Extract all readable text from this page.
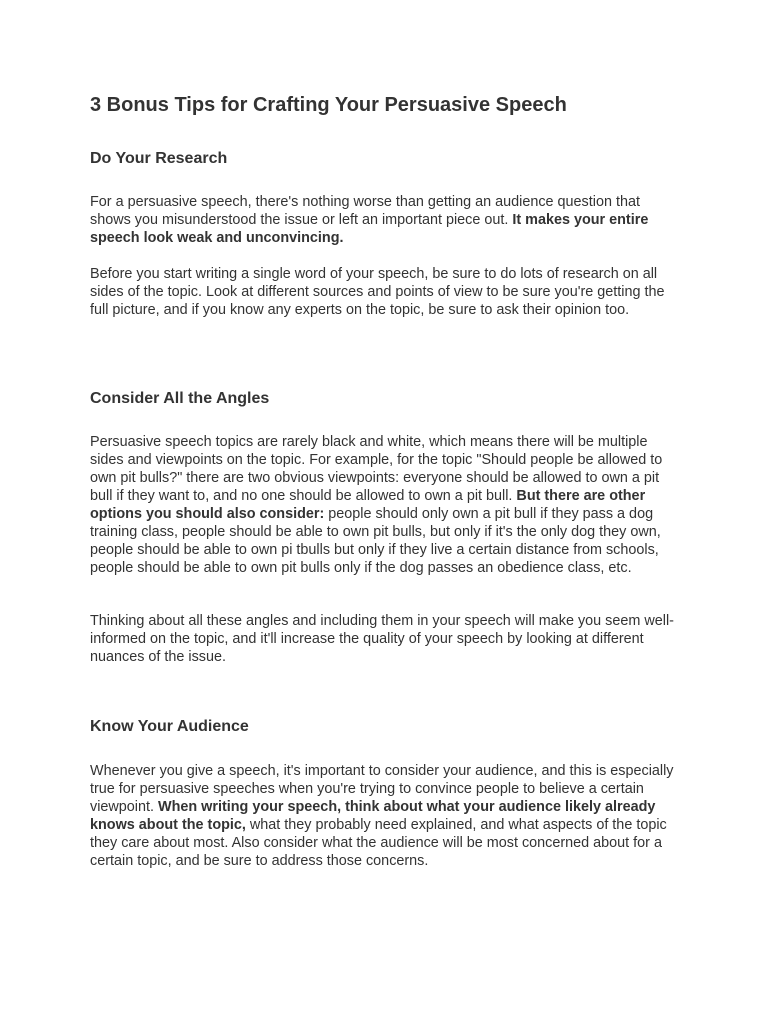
3 Bonus Tips for Crafting Your Persuasive Speech
Do Your Research

For a persuasive speech, there's nothing worse than getting an audience question that shows you misunderstood the issue or left an important piece out. It makes your entire speech look weak and unconvincing.

Before you start writing a single word of your speech, be sure to do lots of research on all sides of the topic. Look at different sources and points of view to be sure you're getting the full picture, and if you know any experts on the topic, be sure to ask their opinion too.

Consider All the Angles

Persuasive speech topics are rarely black and white, which means there will be multiple sides and viewpoints on the topic. For example, for the topic "Should people be allowed to own pit bulls?" there are two obvious viewpoints: everyone should be allowed to own a pit bull if they want to, and no one should be allowed to own a pit bull. But there are other options you should also consider: people should only own a pit bull if they pass a dog training class, people should be able to own pit bulls, but only if it's the only dog they own, people should be able to own pi tbulls but only if they live a certain distance from schools, people should be able to own pit bulls only if the dog passes an obedience class, etc.

Thinking about all these angles and including them in your speech will make you seem well-informed on the topic, and it'll increase the quality of your speech by looking at different nuances of the issue.

Know Your Audience

Whenever you give a speech, it's important to consider your audience, and this is especially true for persuasive speeches when you're trying to convince people to believe a certain viewpoint. When writing your speech, think about what your audience likely already knows about the topic, what they probably need explained, and what aspects of the topic they care about most. Also consider what the audience will be most concerned about for a certain topic, and be sure to address those concerns.
